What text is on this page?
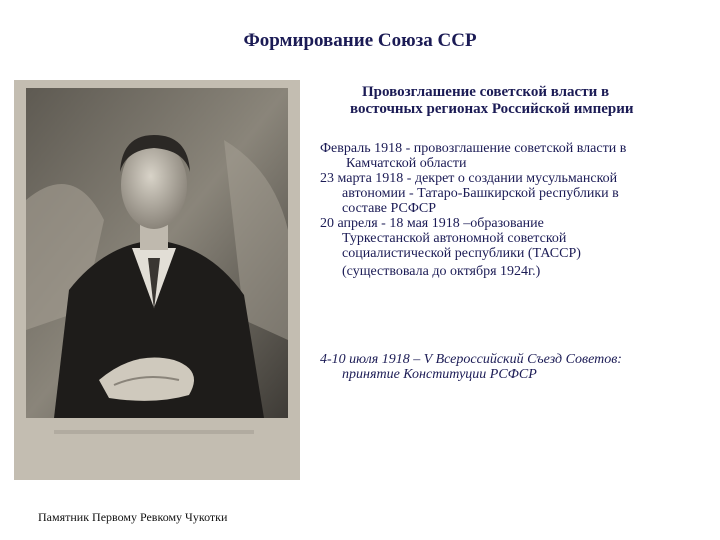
Формирование Союза ССР
Провозглашение советской власти в
восточных регионах Российской империи

Февраль 1918 - провозглашение советской власти в

Камчатской области

23 марта 1918 - декрет о создании мусульманской

автономии - Татаро-Башкирской республики в

составе РСФСР

20 апреля - 18 мая 1918 –образование

Туркестанской автономной советской

социалистической республики (ТАССР)

(существовала до октября 1924г.)

4-10 июля 1918 – V Всероссийский Съезд Советов:
принятие Конституции РСФСР
Памятник Первому Ревкому Чукотки
